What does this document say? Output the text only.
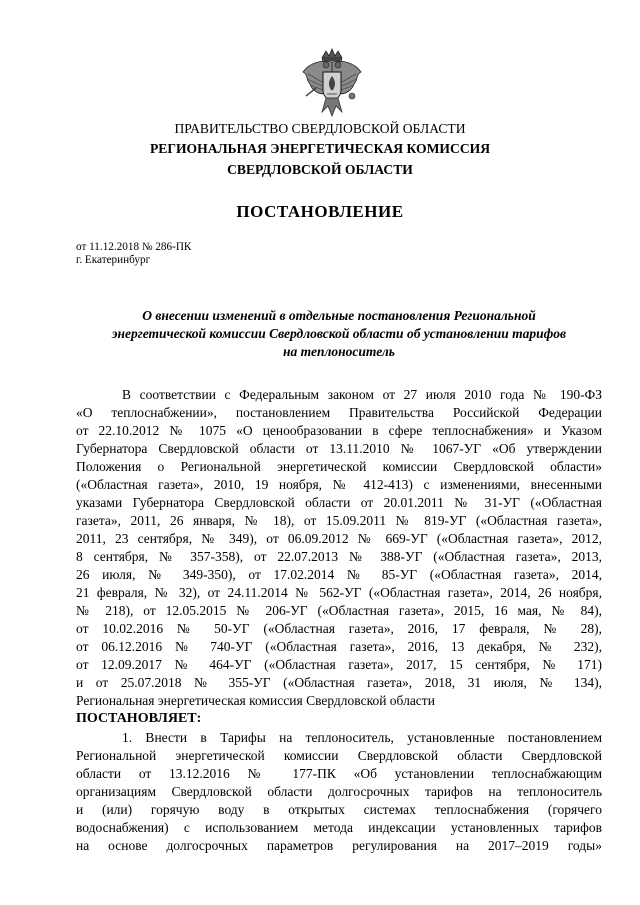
ПРАВИТЕЛЬСТВО СВЕРДЛОВСКОЙ ОБЛАСТИ
РЕГИОНАЛЬНАЯ ЭНЕРГЕТИЧЕСКАЯ КОМИССИЯ
СВЕРДЛОВСКОЙ ОБЛАСТИ
ПОСТАНОВЛЕНИЕ
от 11.12.2018 № 286-ПК
г. Екатеринбург
О внесении изменений в отдельные постановления Региональной
энергетической комиссии Свердловской области об установлении тарифов
на теплоноситель
В соответствии с Федеральным законом от 27 июля 2010 года № 190-ФЗ
«О теплоснабжении», постановлением Правительства Российской Федерации
от 22.10.2012 № 1075 «О ценообразовании в сфере теплоснабжения» и Указом
Губернатора Свердловской области от 13.11.2010 № 1067-УГ «Об утверждении
Положения о Региональной энергетической комиссии Свердловской области»
(«Областная газета», 2010, 19 ноября, № 412-413) с изменениями, внесенными
указами Губернатора Свердловской области от 20.01.2011 № 31-УГ («Областная
газета», 2011, 26 января, № 18), от 15.09.2011 № 819-УГ («Областная газета»,
2011, 23 сентября, № 349), от 06.09.2012 № 669-УГ («Областная газета», 2012,
8 сентября, № 357-358), от 22.07.2013 № 388-УГ («Областная газета», 2013,
26 июля, № 349-350), от 17.02.2014 № 85-УГ («Областная газета», 2014,
21 февраля, № 32), от 24.11.2014 № 562-УГ («Областная газета», 2014, 26 ноября,
№ 218), от 12.05.2015 № 206-УГ («Областная газета», 2015, 16 мая, № 84),
от 10.02.2016 № 50-УГ («Областная газета», 2016, 17 февраля, № 28),
от 06.12.2016 № 740-УГ («Областная газета», 2016, 13 декабря, № 232),
от 12.09.2017 № 464-УГ («Областная газета», 2017, 15 сентября, № 171)
и от 25.07.2018 № 355-УГ («Областная газета», 2018, 31 июля, № 134),
Региональная энергетическая комиссия Свердловской области
ПОСТАНОВЛЯЕТ:
1. Внести в Тарифы на теплоноситель, установленные постановлением
Региональной энергетической комиссии Свердловской области Свердловской
области от 13.12.2016 № 177-ПК «Об установлении теплоснабжающим
организациям Свердловской области долгосрочных тарифов на теплоноситель
и (или) горячую воду в открытых системах теплоснабжения (горячего
водоснабжения) с использованием метода индексации установленных тарифов
на основе долгосрочных параметров регулирования на 2017–2019 годы»
